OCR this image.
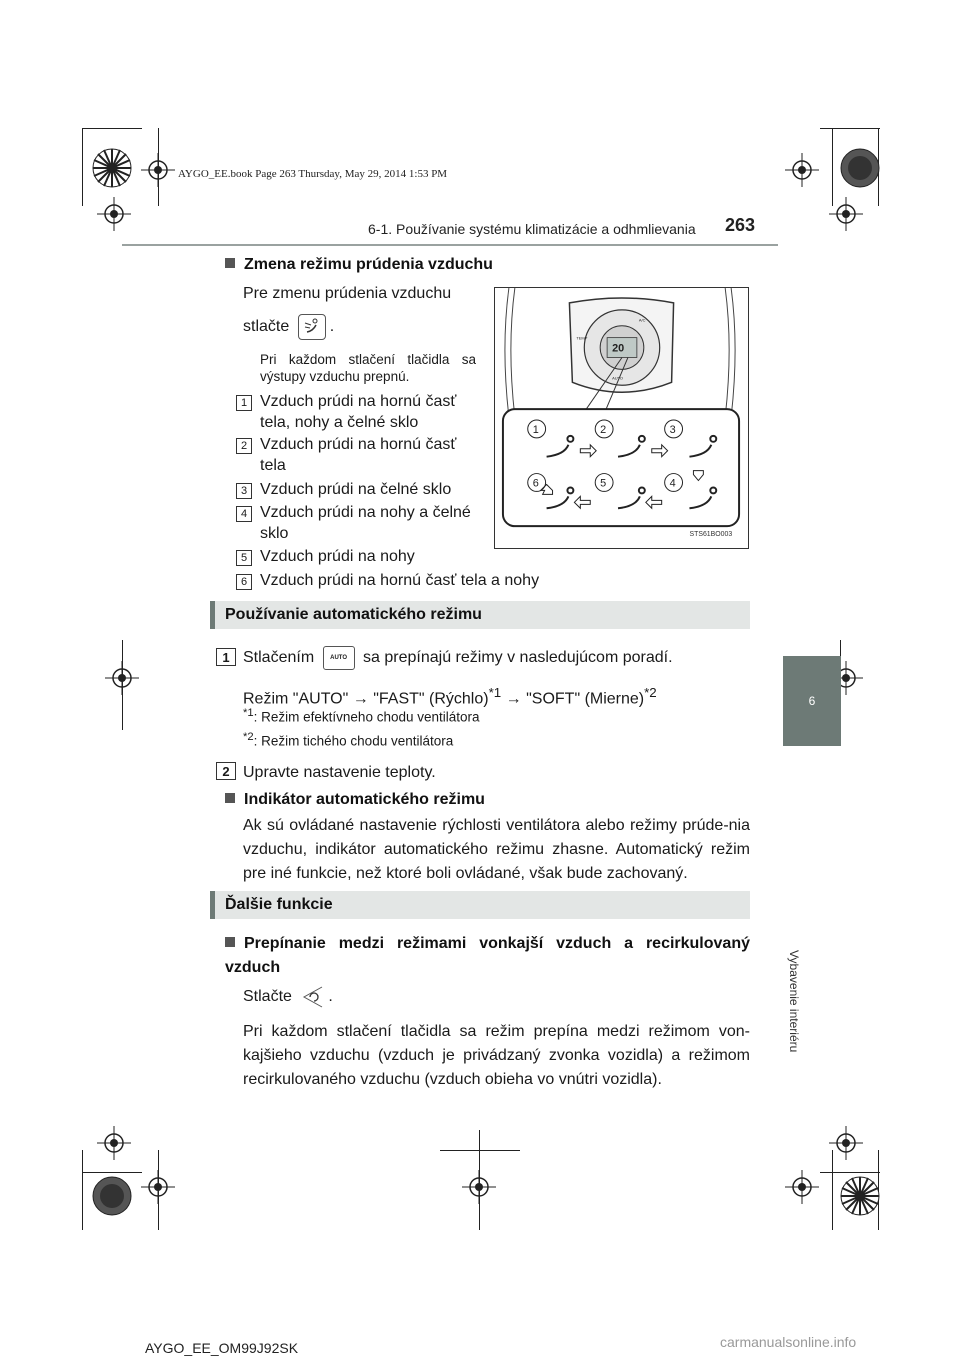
AYGO_EE.book Page 263 Thursday, May 29, 2014 1:53 PM
6-1. Používanie systému klimatizácie a odhmlievania 263
6
Vybavenie interiéru
Zmena režimu prúdenia vzduchu
Pre zmenu prúdenia vzduchu
stlačte	.
Pri každom stlačení tlačidla sa výstupy vzduchu prepnú.
1 Vzduch prúdi na hornú časť tela, nohy a čelné sklo
2 Vzduch prúdi na hornú časť tela
3 Vzduch prúdi na čelné sklo
4 Vzduch prúdi na nohy a čelné sklo
5 Vzduch prúdi na nohy
6 Vzduch prúdi na hornú časť tela a nohy
20
TEMP
A/C
AUTO
1	2	3
4
5
6
STS61BO003
Používanie automatického režimu
1 Stlačením	AUTO sa prepínajú režimy v nasledujúcom poradí.
Režim "AUTO" → "FAST" (Rýchlo)$^{*1}$ → "SOFT" (Mierne)$^{*2}$
$^{*1}$: Režim efektívneho chodu ventilátora
$^{*2}$: Režim tichého chodu ventilátora
2 Upravte nastavenie teploty.
Indikátor automatického režimu
Ak sú ovládané nastavenie rýchlosti ventilátora alebo režimy prúde-nia vzduchu, indikátor automatického režimu zhasne. Automatický režim pre iné funkcie, než ktoré boli ovládané, však bude zachovaný.
Ďalšie funkcie
Prepínanie medzi režimami vonkajší vzduch a recirkulovaný vzduch
Stlačte .
Pri každom stlačení tlačidla sa režim prepína medzi režimom von-kajšieho vzduchu (vzduch je privádzaný zvonka vozidla) a režimom recirkulovaného vzduchu (vzduch obieha vo vnútri vozidla).
AYGO_EE_OM99J92SK	carmanualsonline.info
